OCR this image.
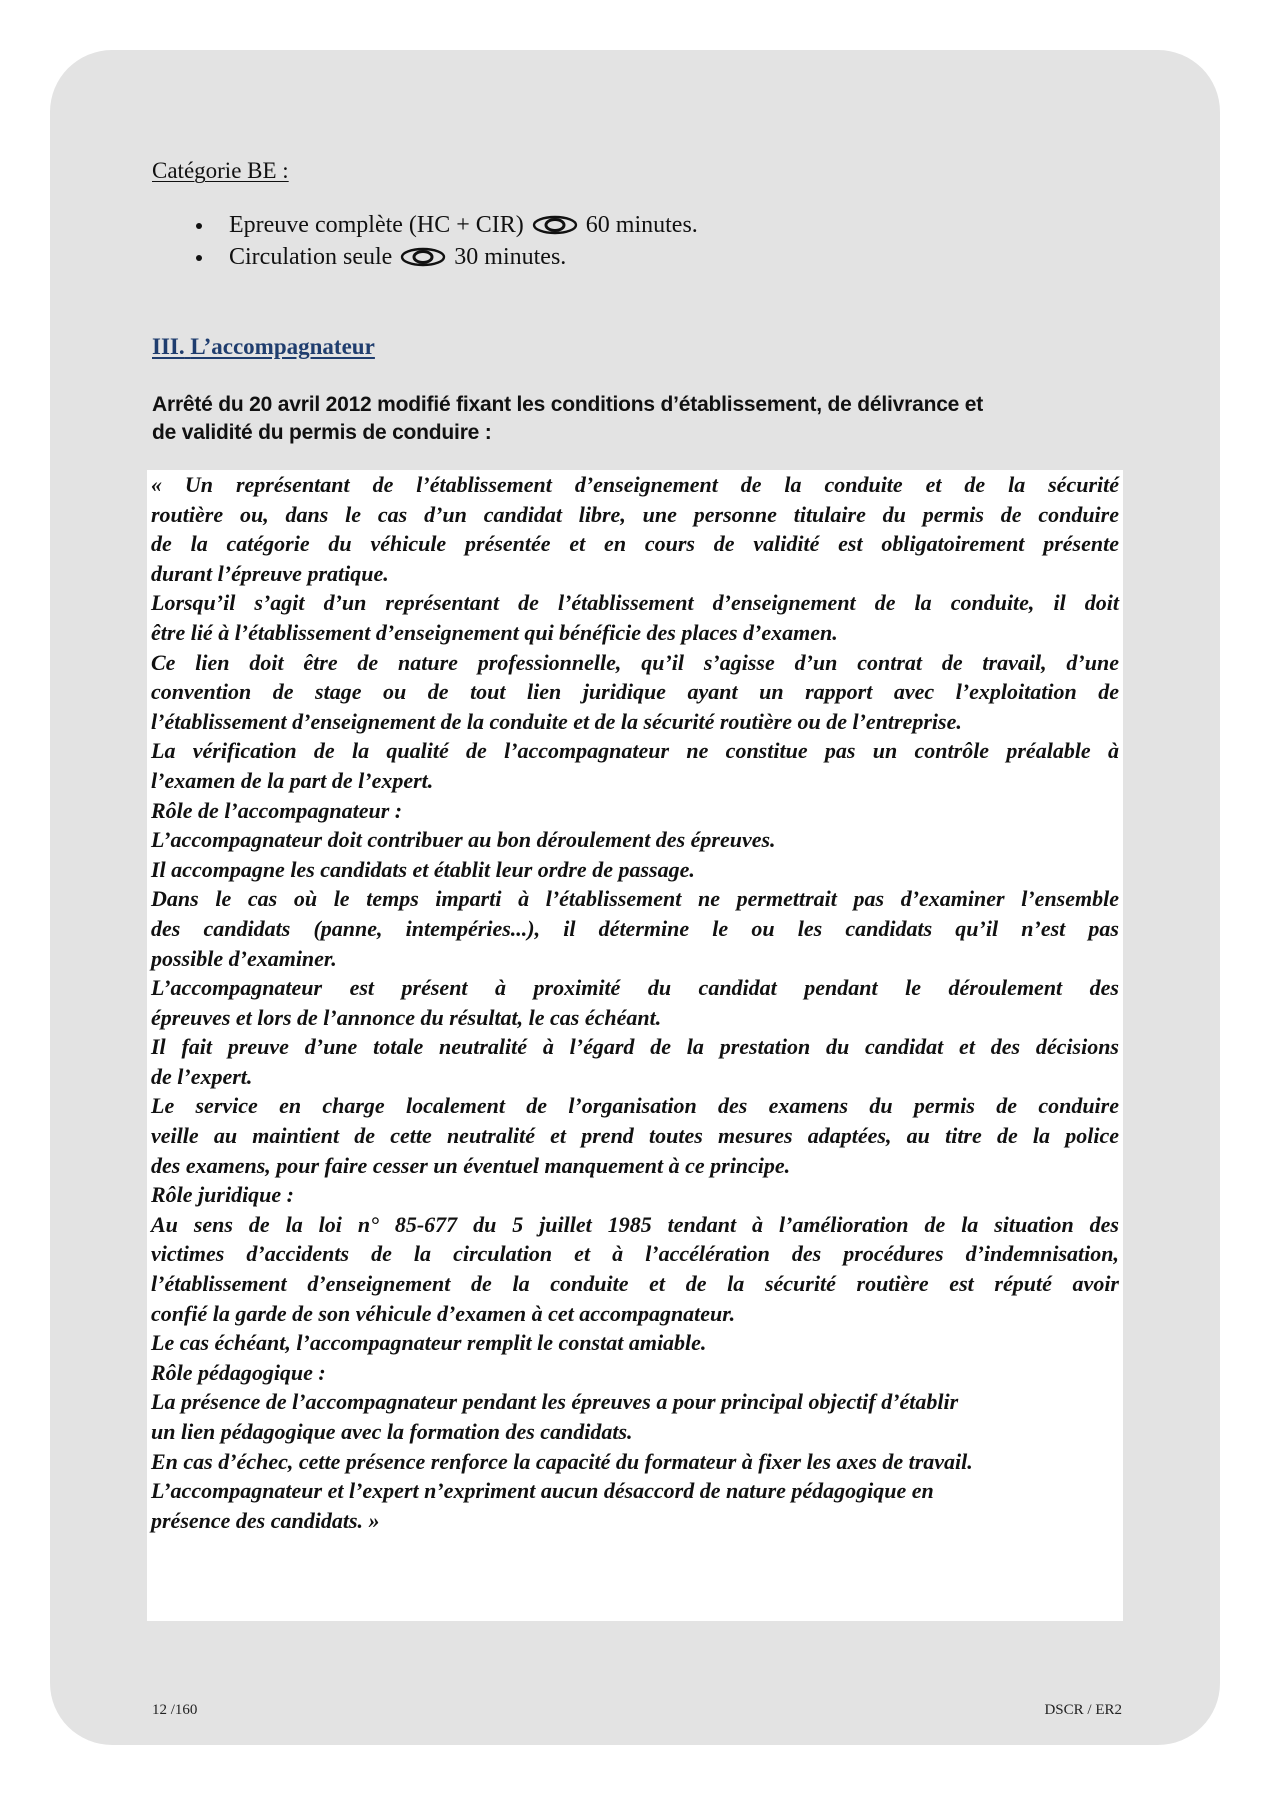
Catégorie BE :
Epreuve complète (HC + CIR)	60 minutes.
Circulation seule	30 minutes.
III. L’accompagnateur
Arrêté du 20 avril 2012 modifié fixant les conditions d’établissement, de délivrance et
de validité du permis de conduire :
« Un représentant de l’établissement d’enseignement de la conduite et de la sécurité
routière ou, dans le cas d’un candidat libre, une personne titulaire du permis de conduire
de la catégorie du véhicule présentée et en cours de validité est obligatoirement présente
durant l’épreuve pratique.
Lorsqu’il s’agit d’un représentant de l’établissement d’enseignement de la conduite, il doit
être lié à l’établissement d’enseignement qui bénéficie des places d’examen.
Ce lien doit être de nature professionnelle, qu’il s’agisse d’un contrat de travail, d’une
convention de stage ou de tout lien juridique ayant un rapport avec l’exploitation de
l’établissement d’enseignement de la conduite et de la sécurité routière ou de l’entreprise.
La vérification de la qualité de l’accompagnateur ne constitue pas un contrôle préalable à
l’examen de la part de l’expert.
Rôle de l’accompagnateur :
L’accompagnateur doit contribuer au bon déroulement des épreuves.
Il accompagne les candidats et établit leur ordre de passage.
Dans le cas où le temps imparti à l’établissement ne permettrait pas d’examiner l’ensemble
des candidats (panne, intempéries...), il détermine le ou les candidats qu’il n’est pas
possible d’examiner.
L’accompagnateur est présent à proximité du candidat pendant le déroulement des
épreuves et lors de l’annonce du résultat, le cas échéant.
Il fait preuve d’une totale neutralité à l’égard de la prestation du candidat et des décisions
de l’expert.
Le service en charge localement de l’organisation des examens du permis de conduire
veille au maintient de cette neutralité et prend toutes mesures adaptées, au titre de la police
des examens, pour faire cesser un éventuel manquement à ce principe.
Rôle juridique :
Au sens de la loi n° 85-677 du 5 juillet 1985 tendant à l’amélioration de la situation des
victimes d’accidents de la circulation et à l’accélération des procédures d’indemnisation,
l’établissement d’enseignement de la conduite et de la sécurité routière est réputé avoir
confié la garde de son véhicule d’examen à cet accompagnateur.
Le cas échéant, l’accompagnateur remplit le constat amiable.
Rôle pédagogique :
La présence de l’accompagnateur pendant les épreuves a pour principal objectif d’établir
un lien pédagogique avec la formation des candidats.
En cas d’échec, cette présence renforce la capacité du formateur à fixer les axes de travail.
L’accompagnateur et l’expert n’expriment aucun désaccord de nature pédagogique en
présence des candidats. »
12 /160	DSCR / ER2
